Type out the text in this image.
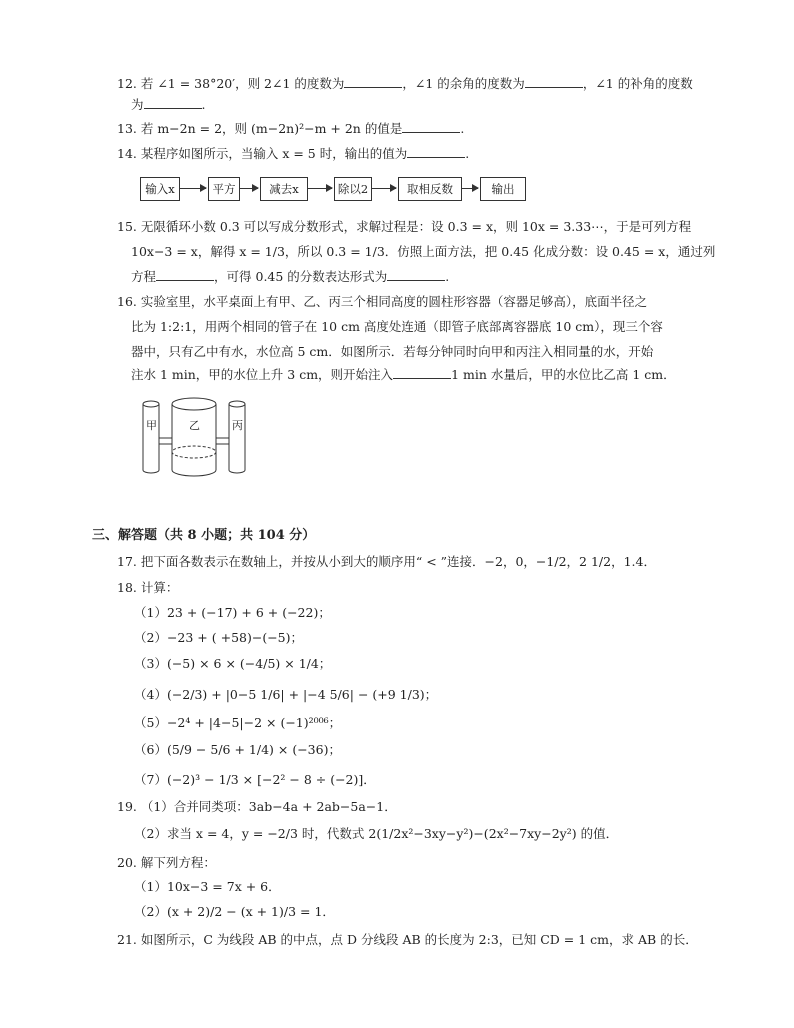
12. 若 ∠1 = 38°20′，则 2∠1 的度数为	，∠1 的余角的度数为	，∠1 的补角的度数
为	.
13. 若 m−2n = 2，则 (m−2n)²−m + 2n 的值是	.
14. 某程序如图所示，当输入 x = 5 时，输出的值为	.
输入x	平方	减去x	除以2	取相反数	输出
15. 无限循环小数 0.3 可以写成分数形式，求解过程是：设 0.3 = x，则 10x = 3.33⋯，于是可列方程
10x−3 = x，解得 x = 1/3，所以 0.3 = 1/3．仿照上面方法，把 0.45 化成分数：设 0.45 = x，通过列
方程	，可得 0.45 的分数表达形式为	.
16. 实验室里，水平桌面上有甲、乙、丙三个相同高度的圆柱形容器（容器足够高），底面半径之
比为 1:2:1，用两个相同的管子在 10 cm 高度处连通（即管子底部离容器底 10 cm），现三个容
器中，只有乙中有水，水位高 5 cm．如图所示．若每分钟同时向甲和丙注入相同量的水，开始
注水 1 min，甲的水位上升 3 cm，则开始注入	1 min 水量后，甲的水位比乙高 1 cm．
甲	乙	丙
三、解答题（共 8 小题；共 104 分）
17. 把下面各数表示在数轴上，并按从小到大的顺序用“ < ”连接．−2，0，−1/2，2 1/2，1.4．
18. 计算：
（1）23 + (−17) + 6 + (−22)；
（2）−23 + ( +58)−(−5)；
（3）(−5) × 6 × (−4/5) × 1/4；
（4）(−2/3) + |0−5 1/6| + |−4 5/6| − (+9 1/3)；
（5）−2⁴ + |4−5|−2 × (−1)²⁰⁰⁶；
（6）(5/9 − 5/6 + 1/4) × (−36)；
（7）(−2)³ − 1/3 × [−2² − 8 ÷ (−2)]．
19. （1）合并同类项：3ab−4a + 2ab−5a−1．
（2）求当 x = 4，y = −2/3 时，代数式 2(1/2x²−3xy−y²)−(2x²−7xy−2y²) 的值．
20. 解下列方程：
（1）10x−3 = 7x + 6．
（2）(x + 2)/2 − (x + 1)/3 = 1．
21. 如图所示，C 为线段 AB 的中点，点 D 分线段 AB 的长度为 2:3，已知 CD = 1 cm，求 AB 的长．
